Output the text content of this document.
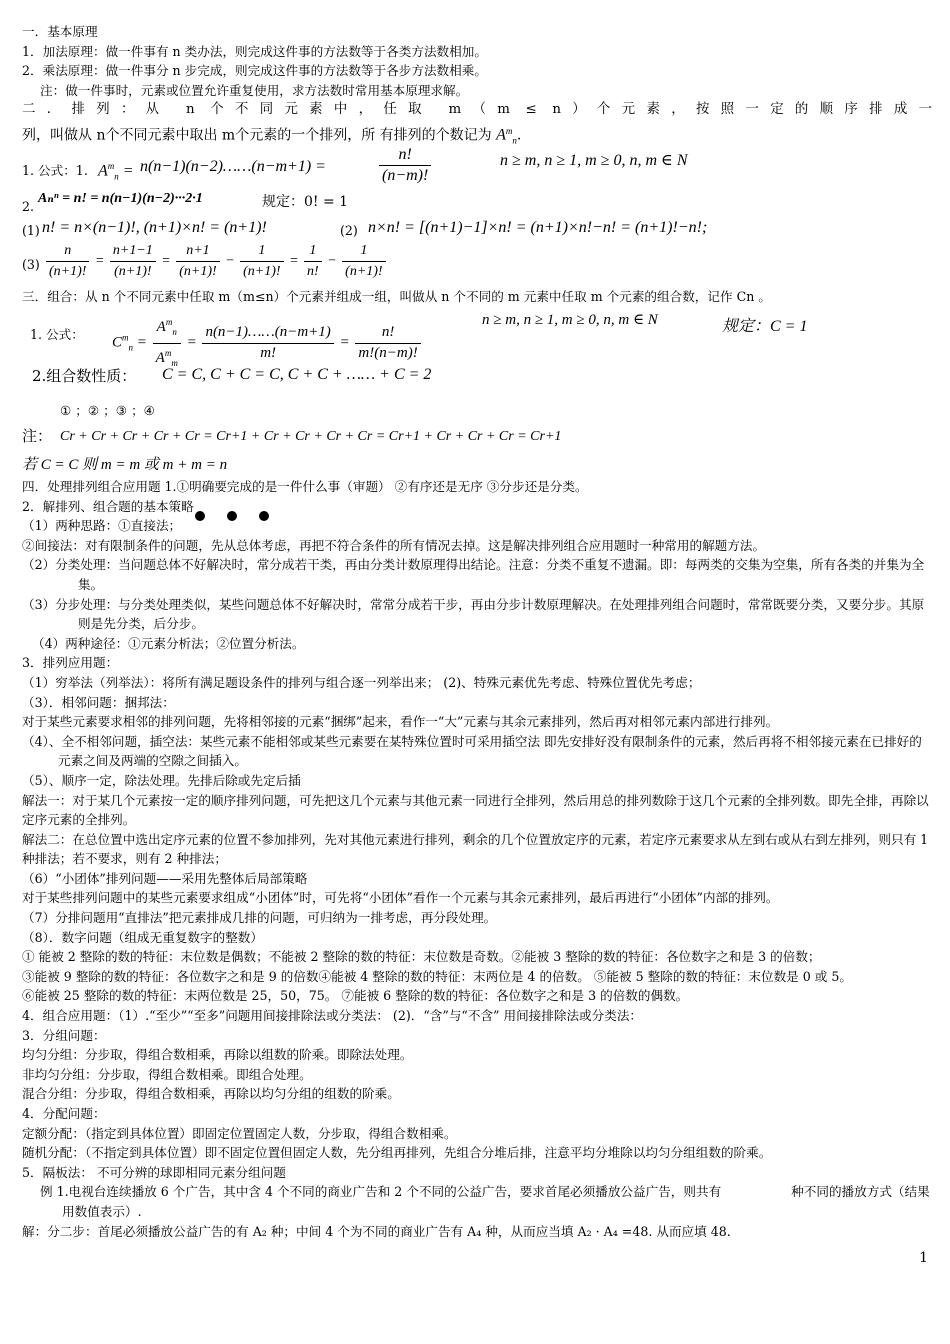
一．基本原理
1．加法原理：做一件事有 n 类办法，则完成这件事的方法数等于各类方法数相加。
2．乘法原理：做一件事分 n 步完成，则完成这件事的方法数等于各步方法数相乘。
注：做一件事时，元素或位置允许重复使用，求方法数时常用基本原理求解。
二．排列：从 n 个不同元素中，任取 m（m ≤ n）个元素，按照一定的顺序排成一
列，叫做从 n个不同元素中取出 m个元素的一个排列，所 有排列的个数记为 $A^m_n$.
1. 公式：1. $A^m_n$ = n(n−1)(n−2)……(n−m+1) =	$\frac{n!}{(n-m)!}$	n ≥ m, n ≥ 1, m ≥ 0, n, m ∈ N
2.
Aₙⁿ = n! = n(n−1)(n−2)···2·1	规定：0! = 1
(1) n! = n×(n−1)!, (n+1)×n! = (n+1)!	(2) n×n! = [(n+1)−1]×n! = (n+1)×n!−n! = (n+1)!−n!;
$(3) \frac{n}{(n+1)!} = \frac{n+1-1}{(n+1)!} = \frac{n+1}{(n+1)!} - \frac{1}{(n+1)!} = \frac{1}{n!} - \frac{1}{(n+1)!}$
三．组合：从 n 个不同元素中任取 m（m≤n）个元素并组成一组，叫做从 n 个不同的 m 元素中任取 m 个元素的组合数，记作 Cn 。
1. 公式：
$C^m_n = \frac{A^m_n}{A^m_m} = \frac{n(n-1)\dots\dots(n-m+1)}{m!} = \frac{n!}{m!(n-m)!}$
n ≥ m, n ≥ 1, m ≥ 0, n, m ∈ N	规定：C = 1
2.组合数性质： C = C, C + C = C, C + C + …… + C = 2
① ；② ；③ ；④
注： Cr + Cr + Cr + Cr + Cr = Cr+1 + Cr + Cr + Cr + Cr = Cr+1 + Cr + Cr + Cr = Cr+1
若 C = C 则 m = m 或 m + m = n
四．处理排列组合应用题 1.①明确要完成的是一件什么事（审题） ②有序还是无序 ③分步还是分类。
2．解排列、组合题的基本策略
（1）两种思路：①直接法；
②间接法：对有限制条件的问题，先从总体考虑，再把不符合条件的所有情况去掉。这是解决排列组合应用题时一种常用的解题方法。
（2）分类处理：当问题总体不好解决时，常分成若干类，再由分类计数原理得出结论。注意：分类不重复不遗漏。即：每两类的交集为空集，所有各类的并集为全集。
（3）分步处理：与分类处理类似，某些问题总体不好解决时，常常分成若干步，再由分步计数原理解决。在处理排列组合问题时，常常既要分类，又要分步。其原则是先分类，后分步。
（4）两种途径：①元素分析法；②位置分析法。
3．排列应用题：
（1）穷举法（列举法）：将所有满足题设条件的排列与组合逐一列举出来； (2)、特殊元素优先考虑、特殊位置优先考虑；
（3）．相邻问题：捆邦法：
对于某些元素要求相邻的排列问题，先将相邻接的元素“捆绑”起来，看作一“大”元素与其余元素排列，然后再对相邻元素内部进行排列。
（4）、全不相邻问题，插空法：某些元素不能相邻或某些元素要在某特殊位置时可采用插空法 即先安排好没有限制条件的元素，然后再将不相邻接元素在已排好的元素之间及两端的空隙之间插入。
（5）、顺序一定，除法处理。先排后除或先定后插
解法一：对于某几个元素按一定的顺序排列问题，可先把这几个元素与其他元素一同进行全排列，然后用总的排列数除于这几个元素的全排列数。即先全排，再除以定序元素的全排列。
解法二：在总位置中选出定序元素的位置不参加排列，先对其他元素进行排列，剩余的几个位置放定序的元素，若定序元素要求从左到右或从右到左排列，则只有 1 种排法；若不要求，则有 2 种排法；
（6）“小团体”排列问题——采用先整体后局部策略
对于某些排列问题中的某些元素要求组成“小团体”时，可先将“小团体”看作一个元素与其余元素排列，最后再进行“小团体”内部的排列。
（7）分排问题用“直排法”把元素排成几排的问题，可归纳为一排考虑，再分段处理。
（8）．数字问题（组成无重复数字的整数）
① 能被 2 整除的数的特征：末位数是偶数；不能被 2 整除的数的特征：末位数是奇数。②能被 3 整除的数的特征：各位数字之和是 3 的倍数；
③能被 9 整除的数的特征：各位数字之和是 9 的倍数④能被 4 整除的数的特征：末两位是 4 的倍数。 ⑤能被 5 整除的数的特征：末位数是 0 或 5。
⑥能被 25 整除的数的特征：末两位数是 25，50，75。 ⑦能被 6 整除的数的特征：各位数字之和是 3 的倍数的偶数。
4．组合应用题：（1）.“至少”“至多”问题用间接排除法或分类法： (2)．“含”与“不含” 用间接排除法或分类法：
3．分组问题：
均匀分组：分步取，得组合数相乘，再除以组数的阶乘。即除法处理。
非均匀分组：分步取，得组合数相乘。即组合处理。
混合分组：分步取，得组合数相乘，再除以均匀分组的组数的阶乘。
4．分配问题：
定额分配：（指定到具体位置）即固定位置固定人数，分步取，得组合数相乘。
随机分配：（不指定到具体位置）即不固定位置但固定人数，先分组再排列，先组合分堆后排，注意平均分堆除以均匀分组组数的阶乘。
5．隔板法： 不可分辨的球即相同元素分组问题
例 1.电视台连续播放 6 个广告，其中含 4 个不同的商业广告和 2 个不同的公益广告，要求首尾必须播放公益广告，则共有	种不同的播放方式（结果用数值表示）.
解：分二步：首尾必须播放公益广告的有 A₂ 种；中间 4 个为不同的商业广告有 A₄ 种，从而应当填 A₂ · A₄ =48. 从而应填 48.
1
